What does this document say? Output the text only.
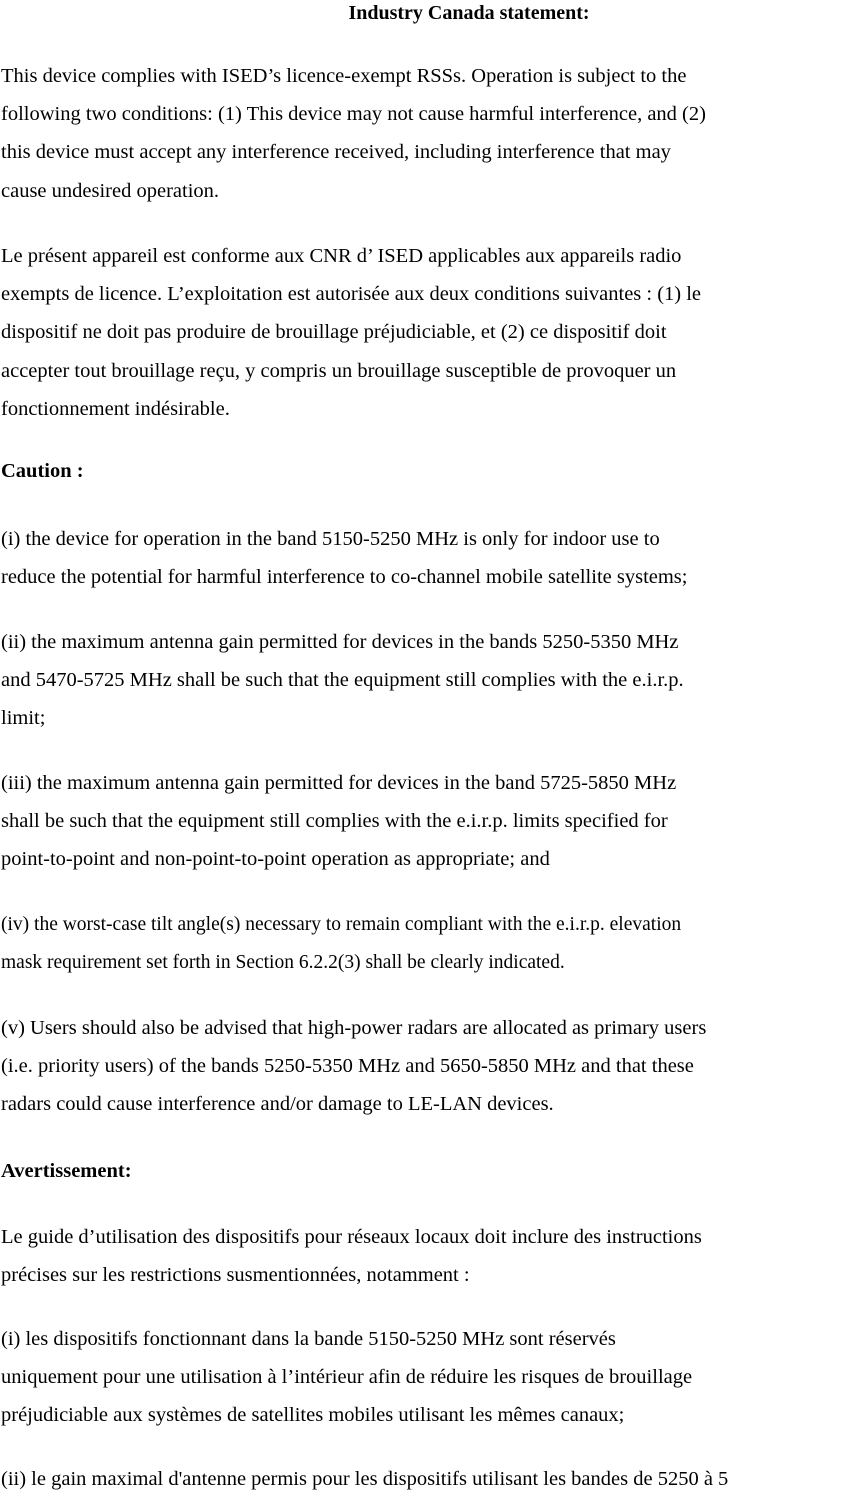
Industry Canada statement:
This device complies with ISED’s licence-exempt RSSs. Operation is subject to the
following two conditions: (1) This device may not cause harmful interference, and (2)
this device must accept any interference received, including interference that may
cause undesired operation.
Le présent appareil est conforme aux CNR d’ ISED applicables aux appareils radio
exempts de licence. L’exploitation est autorisée aux deux conditions suivantes : (1) le
dispositif ne doit pas produire de brouillage préjudiciable, et (2) ce dispositif doit
accepter tout brouillage reçu, y compris un brouillage susceptible de provoquer un
fonctionnement indésirable.
Caution :
(i) the device for operation in the band 5150-5250 MHz is only for indoor use to
reduce the potential for harmful interference to co-channel mobile satellite systems;
(ii) the maximum antenna gain permitted for devices in the bands 5250-5350 MHz
and 5470-5725 MHz shall be such that the equipment still complies with the e.i.r.p.
limit;
(iii) the maximum antenna gain permitted for devices in the band 5725-5850 MHz
shall be such that the equipment still complies with the e.i.r.p. limits specified for
point-to-point and non-point-to-point operation as appropriate; and
(iv) the worst-case tilt angle(s) necessary to remain compliant with the e.i.r.p. elevation
mask requirement set forth in Section 6.2.2(3) shall be clearly indicated.
(v) Users should also be advised that high-power radars are allocated as primary users
(i.e. priority users) of the bands 5250-5350 MHz and 5650-5850 MHz and that these
radars could cause interference and/or damage to LE-LAN devices.
Avertissement:
Le guide d’utilisation des dispositifs pour réseaux locaux doit inclure des instructions
précises sur les restrictions susmentionnées, notamment :
(i) les dispositifs fonctionnant dans la bande 5150-5250 MHz sont réservés
uniquement pour une utilisation à l’intérieur afin de réduire les risques de brouillage
préjudiciable aux systèmes de satellites mobiles utilisant les mêmes canaux;
(ii) le gain maximal d'antenne permis pour les dispositifs utilisant les bandes de 5250 à 5
